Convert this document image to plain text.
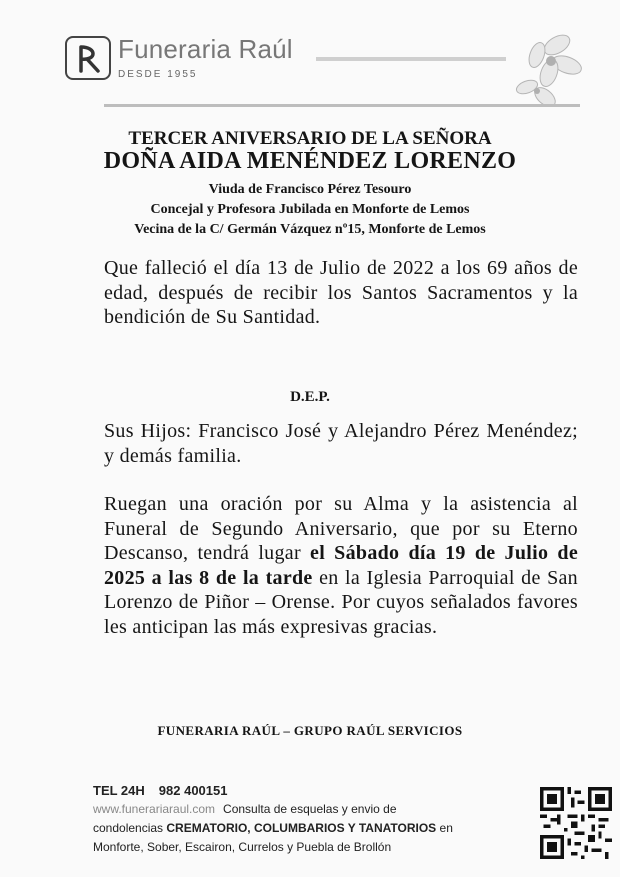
Funeraria Raúl
DESDE 1955
TERCER ANIVERSARIO DE LA SEÑORA
DOÑA AIDA MENÉNDEZ LORENZO
Viuda de Francisco Pérez Tesouro
Concejal y Profesora Jubilada en Monforte de Lemos
Vecina de la C/ Germán Vázquez nº15, Monforte de Lemos
Que falleció el día 13 de Julio de 2022 a los 69 años de edad, después de recibir los Santos Sacramentos y la bendición de Su Santidad.
D.E.P.
Sus Hijos: Francisco José y Alejandro Pérez Menéndez; y demás familia.
Ruegan una oración por su Alma y la asistencia al Funeral de Segundo Aniversario, que por su Eterno Descanso, tendrá lugar el Sábado día 19 de Julio de 2025 a las 8 de la tarde en la Iglesia Parroquial de San Lorenzo de Piñor – Orense. Por cuyos señalados favores les anticipan las más expresivas gracias.
FUNERARIA RAÚL – GRUPO RAÚL SERVICIOS
TEL 24H 982 400151
www.funerariaraul.com Consulta de esquelas y envio de
condolencias CREMATORIO, COLUMBARIOS Y TANATORIOS en
Monforte, Sober, Escairon, Currelos y Puebla de Brollón
